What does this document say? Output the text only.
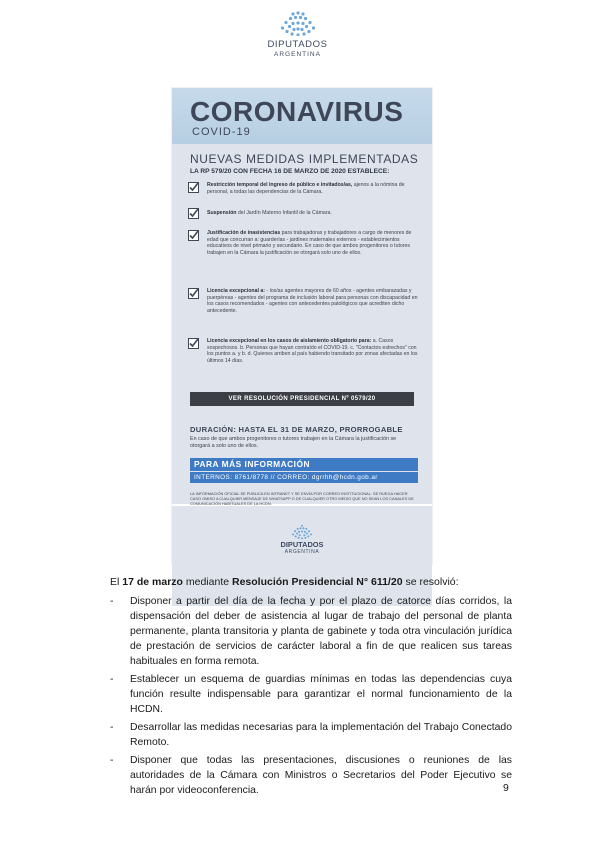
DIPUTADOS
ARGENTINA
CORONAVIRUS
COVID-19
NUEVAS MEDIDAS IMPLEMENTADAS
LA RP 579/20 CON FECHA 16 DE MARZO DE 2020 ESTABLECE:
Restricción temporal del ingreso de público e invitados/as, ajenos a la nómina de personal, a todas las dependencias de la Cámara.
Suspensión del Jardín Materno Infantil de la Cámara.
Justificación de inasistencias para trabajadoras y trabajadores a cargo de menores de edad que concurran a: guarderías - jardines maternales externos - establecimientos educativos de nivel primario y secundario. En caso de que ambos progenitores o tutores trabajen en la Cámara la justificación se otorgará solo uno de ellos.
Licencia excepcional a: - los/as agentes mayores de 60 años - agentes embarazadas y puerpéreas - agentes del programa de inclusión laboral para personas con discapacidad en los casos recomendados - agentes con antecedentes patológicos que acrediten dicho antecedente.
Licencia excepcional en los casos de aislamiento obligatorio para: a. Casos sospechosos. b. Personas que hayan contraído el COVID-19. c. "Contactos estrechos" con los puntos a. y b. d. Quienes arriben al país habiendo transitado por zonas afectadas en los últimos 14 días.
VER RESOLUCIÓN PRESIDENCIAL Nº 0579/20
DURACIÓN: HASTA EL 31 DE MARZO, PRORROGABLE
En caso de que ambos progenitores o tutores trabajen en la Cámara la justificación se otorgará a solo uno de ellos.
PARA MÁS INFORMACIÓN
INTERNOS: 8761/8778 // CORREO: dgrrhh@hcdn.gob.ar
LA INFORMACIÓN OFICIAL SE PUBLICA EN INTRANET Y SE ENVÍA POR CORREO INSTITUCIONAL. SE RUEGA HACER CASO OMISO A CUALQUIER MENSAJE DE WHATSAPP O DE CUALQUIER OTRO MEDIO QUE NO SEAN LOS CANALES DE COMUNICACIÓN HABITUALES DE LA HCDN.
DIPUTADOS
ARGENTINA
El 17 de marzo mediante Resolución Presidencial N° 611/20 se resolvió:
- Disponer a partir del día de la fecha y por el plazo de catorce días corridos, la dispensación del deber de asistencia al lugar de trabajo del personal de planta permanente, planta transitoria y planta de gabinete y toda otra vinculación jurídica de prestación de servicios de carácter laboral a fin de que realicen sus tareas habituales en forma remota.
- Establecer un esquema de guardias mínimas en todas las dependencias cuya función resulte indispensable para garantizar el normal funcionamiento de la HCDN.
- Desarrollar las medidas necesarias para la implementación del Trabajo Conectado Remoto.
- Disponer que todas las presentaciones, discusiones o reuniones de las autoridades de la Cámara con Ministros o Secretarios del Poder Ejecutivo se harán por videoconferencia.	9
